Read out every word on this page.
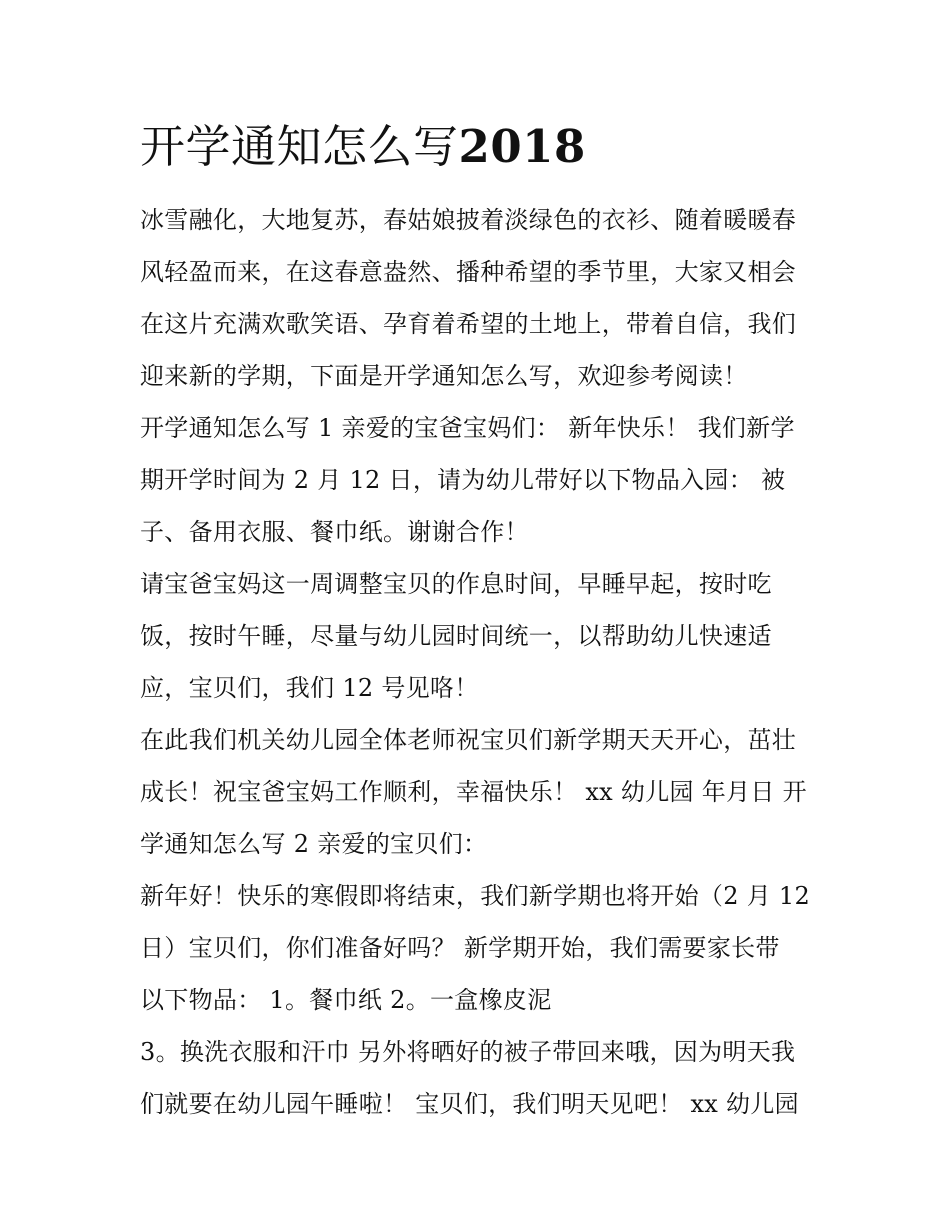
开学通知怎么写2018
冰雪融化，大地复苏，春姑娘披着淡绿色的衣衫、随着暖暖春
风轻盈而来，在这春意盎然、播种希望的季节里，大家又相会
在这片充满欢歌笑语、孕育着希望的土地上，带着自信，我们
迎来新的学期，下面是开学通知怎么写，欢迎参考阅读！
开学通知怎么写 1 亲爱的宝爸宝妈们： 新年快乐！ 我们新学
期开学时间为 2 月 12 日，请为幼儿带好以下物品入园： 被
子、备用衣服、餐巾纸。谢谢合作！
请宝爸宝妈这一周调整宝贝的作息时间，早睡早起，按时吃
饭，按时午睡，尽量与幼儿园时间统一，以帮助幼儿快速适
应，宝贝们，我们 12 号见咯！
在此我们机关幼儿园全体老师祝宝贝们新学期天天开心，茁壮
成长！祝宝爸宝妈工作顺利，幸福快乐！ xx 幼儿园 年月日 开
学通知怎么写 2 亲爱的宝贝们：
新年好！快乐的寒假即将结束，我们新学期也将开始（2 月 12
日）宝贝们，你们准备好吗？ 新学期开始，我们需要家长带
以下物品： 1。餐巾纸 2。一盒橡皮泥
3。换洗衣服和汗巾 另外将晒好的被子带回来哦，因为明天我
们就要在幼儿园午睡啦！ 宝贝们，我们明天见吧！ xx 幼儿园
